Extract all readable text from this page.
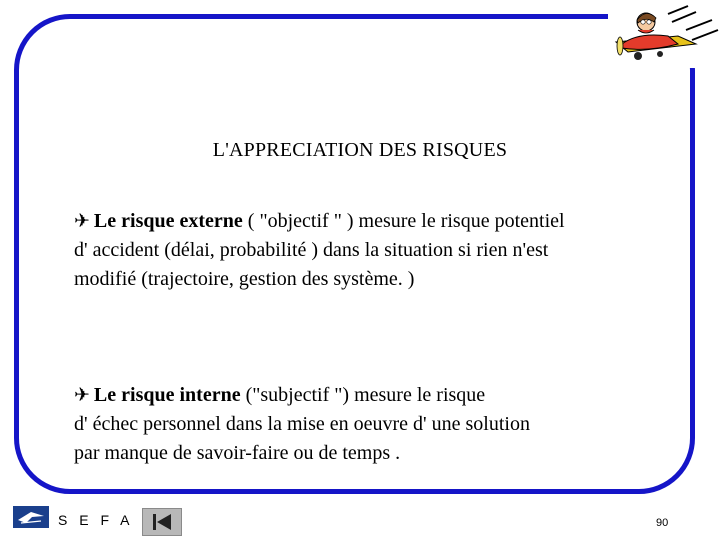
L'APPRECIATION DES RISQUES
✈ Le risque externe ( "objectif " ) mesure le risque potentiel
d' accident (délai, probabilité ) dans la situation si rien n'est
modifié (trajectoire, gestion des système. )
✈ Le risque interne ("subjectif ") mesure le risque
d' échec personnel dans la mise en oeuvre d' une solution
par manque de savoir-faire ou de temps .
S E F A	90
